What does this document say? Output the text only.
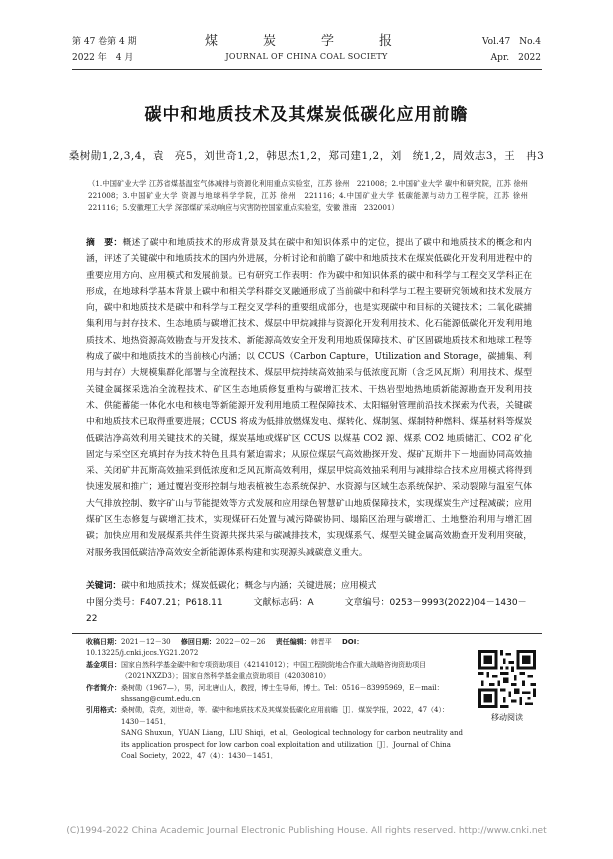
第 47 卷第 4 期
2022 年　4 月
煤　炭　学　报
JOURNAL OF CHINA COAL SOCIETY
Vol.47　No.4
Apr.　2022
碳中和地质技术及其煤炭低碳化应用前瞻
桑树勋1,2,3,4，袁　亮5，刘世奇1,2，韩思杰1,2，郑司建1,2，刘　统1,2，周效志3，王　冉3
（1.中国矿业大学 江苏省煤基温室气体减排与资源化利用重点实验室，江苏 徐州　221008；2.中国矿业大学 碳中和研究院，江苏 徐州　221008；3.中国矿业大学 资源与地球科学学院，江苏 徐州　221116；4.中国矿业大学 低碳能源与动力工程学院，江苏 徐州　221116；5.安徽理工大学 深部煤矿采动响应与灾害防控国家重点实验室，安徽 淮南　232001）
摘　要：概述了碳中和地质技术的形成背景及其在碳中和知识体系中的定位，提出了碳中和地质技术的概念和内涵，评述了关键碳中和地质技术的国内外进展，分析讨论和前瞻了碳中和地质技术在煤炭低碳化开发利用进程中的重要应用方向、应用模式和发展前景。已有研究工作表明：作为碳中和知识体系的碳中和科学与工程交叉学科正在形成，在地球科学基本背景上碳中和相关学科群交叉融通形成了当前碳中和科学与工程主要研究领域和技术发展方向，碳中和地质技术是碳中和科学与工程交叉学科的重要组成部分，也是实现碳中和目标的关键技术；二氧化碳捕集利用与封存技术、生态地质与碳增汇技术、煤层中甲烷减排与资源化开发利用技术、化石能源低碳化开发利用地质技术、地热资源高效勘查与开发技术、新能源高效安全开发利用地质保障技术、矿区固碳地质技术和地球工程等构成了碳中和地质技术的当前核心内涵；以 CCUS（Carbon Capture，Utilization and Storage，碳捕集、利用与封存）大规模集群化部署与全流程技术、煤层甲烷持续高效抽采与低浓度瓦斯（含乏风瓦斯）利用技术、煤型关键金属探采选冶全流程技术、矿区生态地质修复重构与碳增汇技术、干热岩型地热地质新能源勘查开发利用技术、供能蓄能一体化水电和核电等新能源开发利用地质工程保障技术、太阳辐射管理前沿技术探索为代表，关键碳中和地质技术已取得重要进展；CCUS 将成为低排放燃煤发电、煤转化、煤制氢、煤制特种燃料、煤基材料等煤炭低碳洁净高效利用关键技术的关键，煤炭基地或煤矿区 CCUS 以煤基 CO2 源、煤系 CO2 地质储汇、CO2 矿化固定与采空区充填封存为技术特色且具有紧迫需求；从原位煤层气高效勘探开发、煤矿瓦斯井下－地面协同高效抽采、关闭矿井瓦斯高效抽采到低浓度和乏风瓦斯高效利用，煤层甲烷高效抽采利用与减排综合技术应用模式将得到快速发展和推广；通过覆岩变形控制与地表植被生态系统保护、水资源与区域生态系统保护、采动裂隙与温室气体大气排放控制、数字矿山与节能提效等方式发展和应用绿色智慧矿山地质保障技术，实现煤炭生产过程减碳；应用煤矿区生态修复与碳增汇技术，实现煤矸石处置与减污降碳协同、塌陷区治理与碳增汇、土地整治利用与增汇固碳；加快应用和发展煤系共伴生资源共探共采与碳减排技术，实现煤系气、煤型关键金属高效勘查开发利用突破，对服务我国低碳洁净高效安全新能源体系构建和实现源头减碳意义重大。
关键词：碳中和地质技术；煤炭低碳化；概念与内涵；关键进展；应用模式
中图分类号：F407.21；P618.11	文献标志码：A	文章编号：0253－9993(2022)04－1430－22
收稿日期：2021－12－30 修回日期：2022－02－26 责任编辑：韩晋平 DOI：10.13225/j.cnki.jccs.YG21.2072
基金项目： 国家自然科学基金碳中和专项资助项目（42141012）；中国工程院院地合作重大战略咨询资助项目（2021NXZD3）；国家自然科学基金重点资助项目（42030810）
作者简介： 桑树勋（1967—），男，河北唐山人，教授，博士生导师，博士。Tel：0516－83995969，E－mail：shssang@cumt.edu.cn
引用格式： 桑树勋，袁亮，刘世奇，等．碳中和地质技术及其煤炭低碳化应用前瞻［J］．煤炭学报，2022，47（4）：1430－1451．
SANG Shuxun，YUAN Liang，LIU Shiqi，et al．Geological technology for carbon neutrality and its application prospect for low carbon coal exploitation and utilization［J］．Journal of China Coal Society，2022，47（4）：1430－1451．
移动阅读
(C)1994-2022 China Academic Journal Electronic Publishing House. All rights reserved. http://www.cnki.net
